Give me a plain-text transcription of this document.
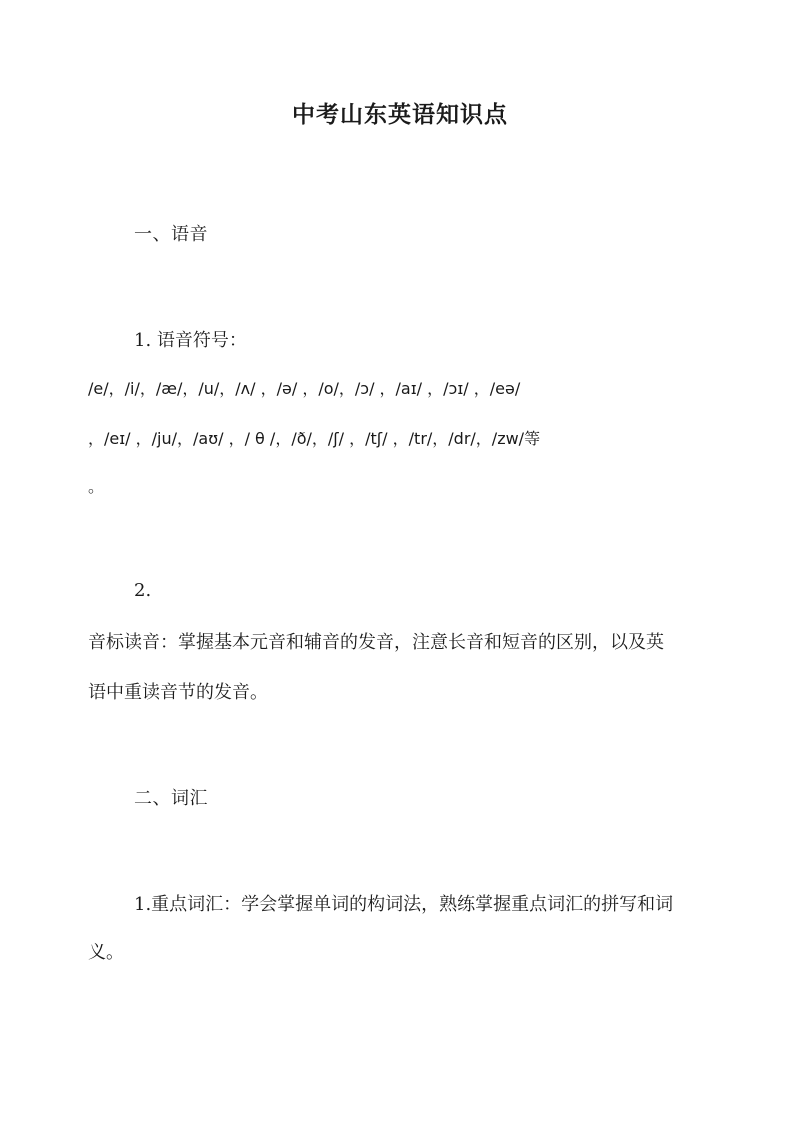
中考山东英语知识点
一、语音
1. 语音符号：
/e/，/i/，/æ/，/u/，/ʌ/ ，/ə/ ，/o/，/ɔ/ ，/aɪ/ ，/ɔɪ/ ，/eə/
，/eɪ/ ，/ju/，/aʊ/ ，/ θ /，/ð/，/ʃ/ ，/tʃ/ ，/tr/，/dr/，/zw/等
。
2.
音标读音：掌握基本元音和辅音的发音，注意长音和短音的区别，以及英
语中重读音节的发音。
二、词汇
1.重点词汇：学会掌握单词的构词法，熟练掌握重点词汇的拼写和词
义。
